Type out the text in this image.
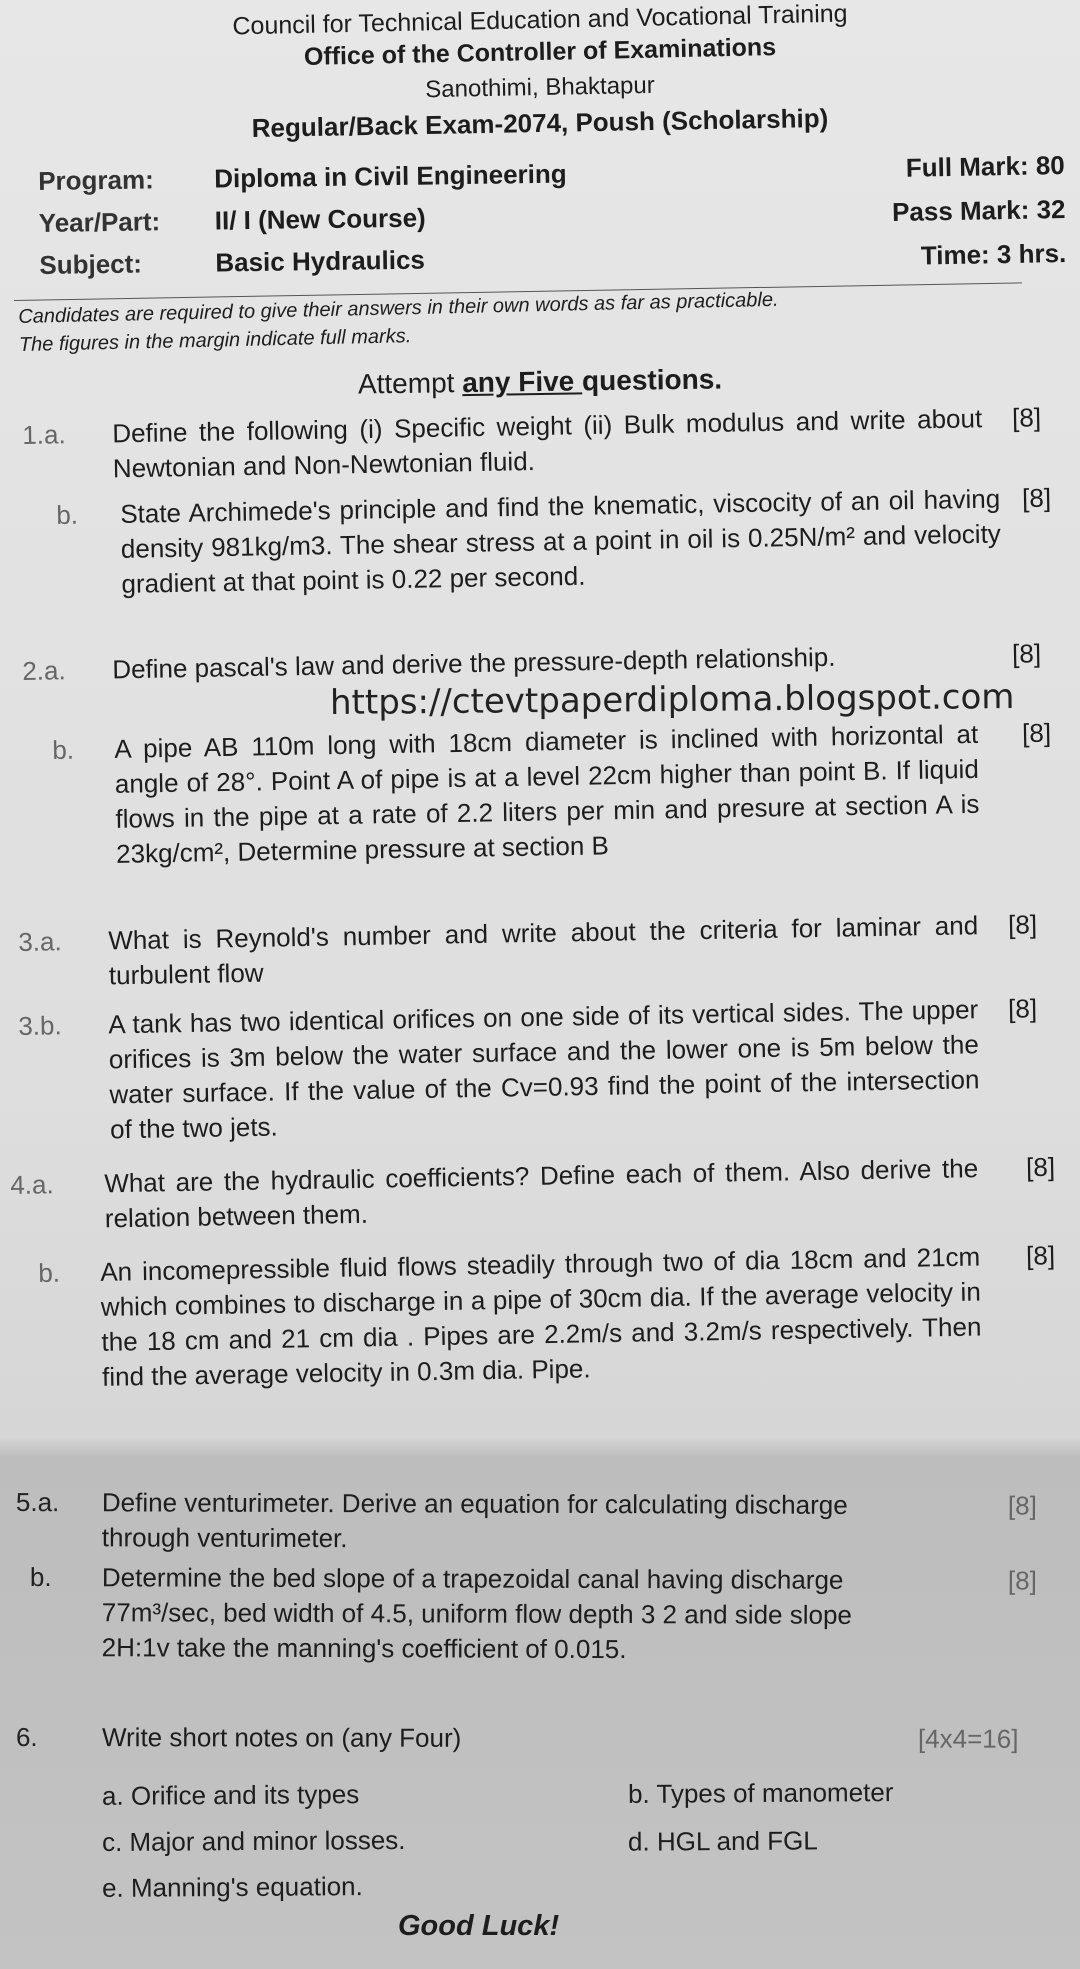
Council for Technical Education and Vocational Training
Office of the Controller of Examinations
Sanothimi, Bhaktapur
Regular/Back Exam-2074, Poush (Scholarship)
Program:	Diploma in Civil Engineering
Year/Part:	II/ I (New Course)
Subject:	Basic Hydraulics
Full Mark: 80
Pass Mark: 32
Time: 3 hrs.
Candidates are required to give their answers in their own words as far as practicable.
The figures in the margin indicate full marks.
Attempt any Five questions.
1.a. Define the following (i) Specific weight (ii) Bulk modulus and write about Newtonian and Non-Newtonian fluid.
[8]
b. State Archimede's principle and find the knematic, viscocity of an oil having density 981kg/m3. The shear stress at a point in oil is 0.25N/m² and velocity gradient at that point is 0.22 per second.
[8]
2.a. Define pascal's law and derive the pressure-depth relationship.	[8]
https://ctevtpaperdiploma.blogspot.com
b. A pipe AB 110m long with 18cm diameter is inclined with horizontal at angle of 28°. Point A of pipe is at a level 22cm higher than point B. If liquid flows in the pipe at a rate of 2.2 liters per min and presure at section A is 23kg/cm², Determine pressure at section B
[8]
3.a. What is Reynold's number and write about the criteria for laminar and turbulent flow
[8]
3.b. A tank has two identical orifices on one side of its vertical sides. The upper orifices is 3m below the water surface and the lower one is 5m below the water surface. If the value of the Cv=0.93 find the point of the intersection of the two jets.
[8]
4.a. What are the hydraulic coefficients? Define each of them. Also derive the relation between them.
[8]
b. An incomepressible fluid flows steadily through two of dia 18cm and 21cm which combines to discharge in a pipe of 30cm dia. If the average velocity in the 18 cm and 21 cm dia . Pipes are 2.2m/s and 3.2m/s respectively. Then find the average velocity in 0.3m dia. Pipe.
[8]
5.a. Define venturimeter. Derive an equation for calculating discharge through venturimeter.
[8]
b. Determine the bed slope of a trapezoidal canal having discharge 77m³/sec, bed width of 4.5, uniform flow depth 3 2 and side slope 2H:1v take the manning's coefficient of 0.015.
[8]
6. Write short notes on (any Four)	[4x4=16]
a. Orifice and its types	b. Types of manometer
c. Major and minor losses.	d. HGL and FGL
e. Manning's equation.
Good Luck!
